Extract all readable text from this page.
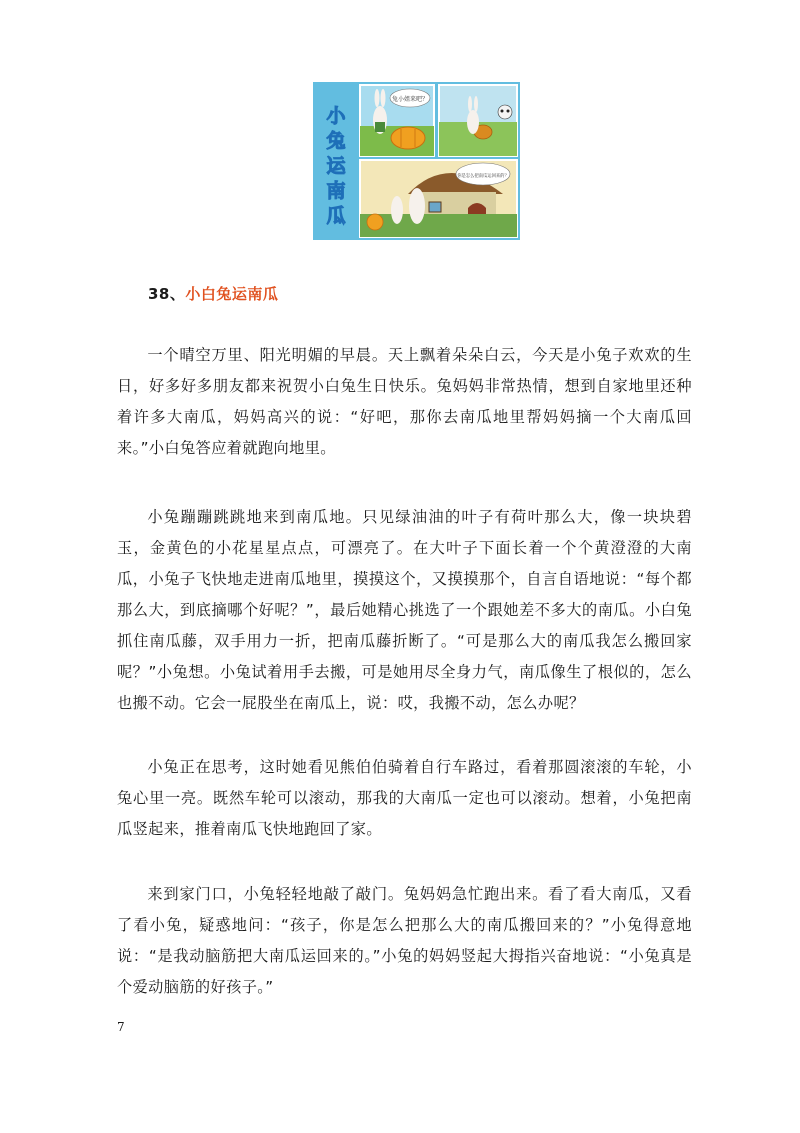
小兔运南瓜
兔小姐来吧？
你是怎么把南瓜运回来的？
38、小白兔运南瓜

一个晴空万里、阳光明媚的早晨。天上飘着朵朵白云，今天是小兔子欢欢的生日，好多好多朋友都来祝贺小白兔生日快乐。兔妈妈非常热情，想到自家地里还种着许多大南瓜，妈妈高兴的说：“好吧，那你去南瓜地里帮妈妈摘一个大南瓜回来。”小白兔答应着就跑向地里。

小兔蹦蹦跳跳地来到南瓜地。只见绿油油的叶子有荷叶那么大，像一块块碧玉，金黄色的小花星星点点，可漂亮了。在大叶子下面长着一个个黄澄澄的大南瓜，小兔子飞快地走进南瓜地里，摸摸这个，又摸摸那个，自言自语地说：“每个都那么大，到底摘哪个好呢？”，最后她精心挑选了一个跟她差不多大的南瓜。小白兔抓住南瓜藤，双手用力一折，把南瓜藤折断了。“可是那么大的南瓜我怎么搬回家呢？”小兔想。小兔试着用手去搬，可是她用尽全身力气，南瓜像生了根似的，怎么也搬不动。它会一屁股坐在南瓜上，说：哎，我搬不动，怎么办呢？

小兔正在思考，这时她看见熊伯伯骑着自行车路过，看着那圆滚滚的车轮，小兔心里一亮。既然车轮可以滚动，那我的大南瓜一定也可以滚动。想着，小兔把南瓜竖起来，推着南瓜飞快地跑回了家。

来到家门口，小兔轻轻地敲了敲门。兔妈妈急忙跑出来。看了看大南瓜，又看了看小兔，疑惑地问：“孩子，你是怎么把那么大的南瓜搬回来的？”小兔得意地说：“是我动脑筋把大南瓜运回来的。”小兔的妈妈竖起大拇指兴奋地说：“小兔真是个爱动脑筋的好孩子。”

7
